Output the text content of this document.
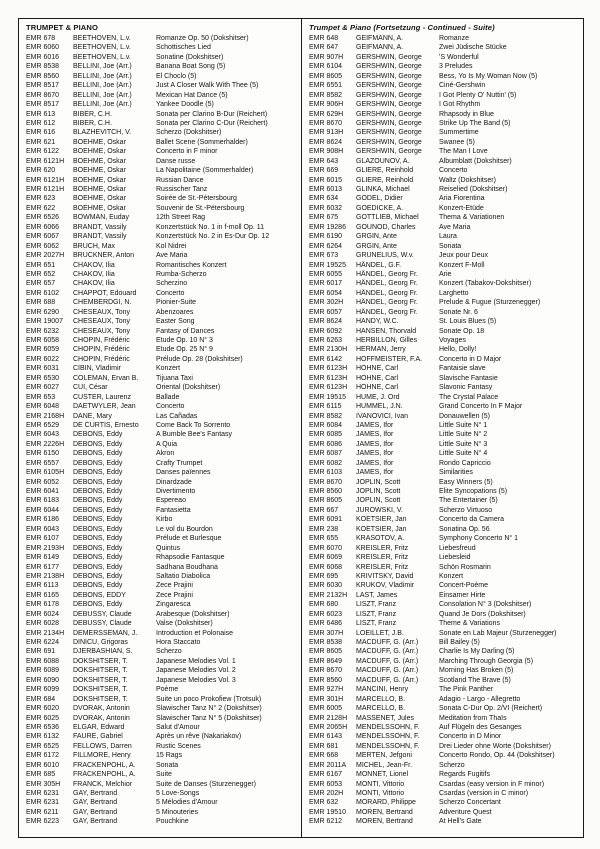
TRUMPET & PIANO
EMR 678	BEETHOVEN, L.v.	Romanze Op. 50 (Dokshitser)
EMR 6060	BEETHOVEN, L.v.	Schottisches Lied
EMR 6016	BEETHOVEN, L.v.	Sonatine (Dokshitser)
EMR 8538	BELLINI, Joe (Arr.)	Banana Boat Song (5)
EMR 8560	BELLINI, Joe (Arr.)	El Choclo (5)
EMR 8517	BELLINI, Joe (Arr.)	Just A Closer Walk With Thee (5)
EMR 8670	BELLINI, Joe (Arr.)	Mexican Hat Dance (5)
EMR 8517	BELLINI, Joe (Arr.)	Yankee Doodle (5)
EMR 613	BIBER, C.H.	Sonata per Clarino B-Dur (Reichert)
EMR 612	BIBER, C.H.	Sonata per Clarino C-Dur (Reichert)
EMR 616	BLAZHEVITCH, V.	Scherzo (Dokshitser)
EMR 621	BOEHME, Oskar	Ballet Scene (Sommerhalder)
EMR 6122	BOEHME, Oskar	Concerto in F minor
EMR 6121H	BOEHME, Oskar	Danse russe
EMR 620	BOEHME, Oskar	La Napolitaine (Sommerhalder)
EMR 6121H	BOEHME, Oskar	Russian Dance
EMR 6121H	BOEHME, Oskar	Russischer Tanz
EMR 623	BOEHME, Oskar	Soirée de St.-Pétersbourg
EMR 622	BOEHME, Oskar	Souvenir de St.-Pétersbourg
EMR 6526	BOWMAN, Euday	12th Street Rag
EMR 6066	BRANDT, Vassily	Konzertstück No. 1 in f-moll Op. 11
EMR 6067	BRANDT, Vassily	Konzertstück No. 2 in Es-Dur Op. 12
EMR 6062	BRUCH, Max	Kol Nidrei
EMR 2027H	BRUCKNER, Anton	Ave Maria
EMR 651	CHAKOV, Ilia	Romantisches Konzert
EMR 652	CHAKOV, Ilia	Rumba-Scherzo
EMR 657	CHAKOV, Ilia	Scherzino
EMR 6102	CHAPPOT, Edouard	Concerto
EMR 688	CHEMBERDGI, N.	Pionier-Suite
EMR 6290	CHESEAUX, Tony	Abenzoares
EMR 19007	CHESEAUX, Tony	Easter Song
EMR 6232	CHESEAUX, Tony	Fantasy of Dances
EMR 6058	CHOPIN, Frédéric	Etude Op. 10 N° 3
EMR 6059	CHOPIN, Frédéric	Etude Op. 25 N° 9
EMR 6022	CHOPIN, Frédéric	Prélude Op. 28 (Dokshitser)
EMR 6031	CIBIN, Vladimir	Konzert
EMR 6530	COLEMAN, Ervan B.	Tijuana Taxi
EMR 6027	CUI, César	Oriental (Dokshitser)
EMR 653	CUSTER, Laurenz	Ballade
EMR 6048	DAETWYLER, Jean	Concerto
EMR 2168H	DANE, Mary	Las Cañadas
EMR 6529	DE CURTIS, Ernesto	Come Back To Sorrento
EMR 6043	DEBONS, Eddy	A Bumble Bee's Fantasy
EMR 2226H	DEBONS, Eddy	A Quia
EMR 6150	DEBONS, Eddy	Akron
EMR 6557	DEBONS, Eddy	Crafty Trumpet
EMR 6105H	DEBONS, Eddy	Danses païennes
EMR 6052	DEBONS, Eddy	Dinardzade
EMR 6041	DEBONS, Eddy	Divertimento
EMR 6183	DEBONS, Eddy	Espereao
EMR 6044	DEBONS, Eddy	Fantasietta
EMR 6186	DEBONS, Eddy	Kirbo
EMR 6043	DEBONS, Eddy	Le vol du Bourdon
EMR 6107	DEBONS, Eddy	Prélude et Burlesque
EMR 2193H	DEBONS, Eddy	Quintus
EMR 6149	DEBONS, Eddy	Rhapsodie Fantasque
EMR 6177	DEBONS, Eddy	Sadhana Boudhana
EMR 2138H	DEBONS, Eddy	Saltatio Diabolica
EMR 6113	DEBONS, Eddy	Zece Prajini
EMR 6165	DEBONS, EDDY	Zece Prajini
EMR 6178	DEBONS, Eddy	Zingaresca
EMR 6024	DEBUSSY, Claude	Arabesque (Dokshitser)
EMR 6028	DEBUSSY, Claude	Valse (Dokshitser)
EMR 2134H	DEMERSSEMAN, J.	Introduction et Polonaise
EMR 6224	DINICU, Grigoras	Hora Staccato
EMR 691	DJERBASHIAN, S.	Scherzo
EMR 6088	DOKSHITSER, T.	Japanese Melodies Vol. 1
EMR 6089	DOKSHITSER, T.	Japanese Melodies Vol. 2
EMR 6090	DOKSHITSER, T.	Japanese Melodies Vol. 3
EMR 6099	DOKSHITSER, T.	Poème
EMR 684	DOKSHITSER, T.	Suite un poco Prokofiew (Trotsuk)
EMR 6020	DVORAK, Antonin	Slawischer Tanz N° 2 (Dokshitser)
EMR 6025	DVORAK, Antonin	Slawischer Tanz N° 5 (Dokshitser)
EMR 6536	ELGAR, Edward	Salut d'Amour
EMR 6132	FAURE, Gabriel	Après un rêve (Nakariakov)
EMR 6525	FELLOWS, Darren	Rustic Scenes
EMR 6172	FILLMORE, Henry	15 Rags
EMR 6010	FRACKENPOHL, A.	Sonata
EMR 685	FRACKENPOHL, A.	Suite
EMR 305H	FRANCK, Melchior	Suite de Danses (Sturzenegger)
EMR 6231	GAY, Bertrand	5 Love-Songs
EMR 6231	GAY, Bertrand	5 Mélodies d'Amour
EMR 6211	GAY, Bertrand	5 Minouteries
EMR 6223	GAY, Bertrand	Pouchkine
Trumpet & Piano (Fortsetzung - Continued - Suite)
EMR 648	GEIFMANN, A.	Romanze
EMR 647	GEIFMANN, A.	Zwei Jüdische Stücke
EMR 907H	GERSHWIN, George	'S Wonderful
EMR 6104	GERSHWIN, George	3 Preludes
EMR 8605	GERSHWIN, George	Bess, Yo Is My Woman Now (5)
EMR 6551	GERSHWIN, George	Ciné-Gershwin
EMR 8582	GERSHWIN, George	I Got Plenty O' Nuttin' (5)
EMR 906H	GERSHWIN, George	I Got Rhythm
EMR 629H	GERSHWIN, George	Rhapsody in Blue
EMR 8670	GERSHWIN, George	Strike Up The Band (5)
EMR 913H	GERSHWIN, George	Summertime
EMR 8624	GERSHWIN, George	Swanee (5)
EMR 908H	GERSHWIN, George	The Man I Love
EMR 643	GLAZOUNOV, A.	Albumblatt (Dokshitser)
EMR 669	GLIERE, Reinhold	Concerto
EMR 6015	GLIERE, Reinhold	Waltz (Dokshitser)
EMR 6013	GLINKA, Michael	Reiselied (Dokshitser)
EMR 634	GODEL, Didier	Aria Fiorentina
EMR 6032	GOEDICKE, A.	Konzert-Etüde
EMR 675	GOTTLIEB, Michael	Thema & Variationen
EMR 19286	GOUNOD, Charles	Ave Maria
EMR 6190	GRGIN, Ante	Laura
EMR 6264	GRGIN, Ante	Sonata
EMR 673	GRUNELIUS, W.v.	Jeux pour Deux
EMR 19525	HÄNDEL, G.F.	Konzert F-Moll
EMR 6055	HÄNDEL, Georg Fr.	Arie
EMR 6017	HÄNDEL, Georg Fr.	Konzert (Tabakov-Dokshitser)
EMR 6054	HÄNDEL, Georg Fr.	Larghetto
EMR 302H	HÄNDEL, Georg Fr.	Prelude & Fugue (Sturzenegger)
EMR 6057	HÄNDEL, Georg Fr.	Sonate Nr. 6
EMR 8624	HANDY, W.C.	St. Louis Blues (5)
EMR 6092	HANSEN, Thorvald	Sonate Op. 18
EMR 6263	HERBILLON, Gilles	Voyages
EMR 2130H	HERMAN, Jerry	Hello, Dolly!
EMR 6142	HOFFMEISTER, F.A.	Concerto in D Major
EMR 6123H	HÖHNE, Carl	Fantaisie slave
EMR 6123H	HÖHNE, Carl	Slavische Fantasie
EMR 6123H	HÖHNE, Carl	Slavonic Fantasy
EMR 19515	HUME, J. Ord	The Crystal Palace
EMR 6115	HUMMEL, J.N.	Grand Concerto In F Major
EMR 8582	IVANOVICI, Ivan	Donauwellen (5)
EMR 6084	JAMES, Ifor	Little Suite N° 1
EMR 6085	JAMES, Ifor	Little Suite N° 2
EMR 6086	JAMES, Ifor	Little Suite N° 3
EMR 6087	JAMES, Ifor	Little Suite N° 4
EMR 6082	JAMES, Ifor	Rondo Capriccio
EMR 6103	JAMES, Ifor	Similarities
EMR 8670	JOPLIN, Scott	Easy Winners (5)
EMR 8560	JOPLIN, Scott	Elite Syncopations (5)
EMR 8605	JOPLIN, Scott	The Entertainer (5)
EMR 667	JUROWSKI, V.	Scherzo Virtuoso
EMR 6091	KOETSIER, Jan	Concerto da Camera
EMR 238	KOETSIER, Jan	Sonatina Op. 56
EMR 655	KRASOTOV, A.	Symphony Concerto N° 1
EMR 6070	KREISLER, Fritz	Liebesfreud
EMR 6069	KREISLER, Fritz	Liebesleid
EMR 6068	KREISLER, Fritz	Schön Rosmarin
EMR 695	KRIVITSKY, David	Konzert
EMR 6030	KRUKOV, Vladimir	Concert-Poème
EMR 2132H	LAST, James	Einsamer Hirte
EMR 680	LISZT, Franz	Consolation N° 3 (Dokshitser)
EMR 6023	LISZT, Franz	Quand Je Dors (Dokshitser)
EMR 6486	LISZT, Franz	Theme & Variations
EMR 307H	LOEILLET, J.B.	Sonate en Lab Majeur (Sturzenegger)
EMR 8538	MACDUFF, G. (Arr.)	Bill Bailey (5)
EMR 8605	MACDUFF, G. (Arr.)	Charlie Is My Darling (5)
EMR 8649	MACDUFF, G. (Arr.)	Marching Through Georgia (5)
EMR 8670	MACDUFF, G. (Arr.)	Morning Has Broken (5)
EMR 8560	MACDUFF, G. (Arr.)	Scotland The Brave (5)
EMR 927H	MANCINI, Henry	The Pink Panther
EMR 301H	MARCELLO, B.	Adagio - Largo - Allegretto
EMR 6005	MARCELLO, B.	Sonata C-Dur Op. 2/VI (Reichert)
EMR 2128H	MASSENET, Jules	Meditation from Thaïs
EMR 2065H	MENDELSSOHN, F.	Auf Flügeln des Gesanges
EMR 6143	MENDELSSOHN, F.	Concerto in D Minor
EMR 681	MENDELSSOHN, F.	Drei Lieder ohne Worte (Dokshitser)
EMR 668	MERTEN, Jefgoni	Concerto Rondo, Op. 44 (Dokshitser)
EMR 2011A	MICHEL, Jean-Fr.	Scherzo
EMR 6167	MONNET, Lionel	Regards Fugitifs
EMR 6053	MONTI, Vittorio	Csardas (easy version in F minor)
EMR 202H	MONTI, Vittorio	Csardas (version in C minor)
EMR 632	MORARD, Philippe	Scherzo Concertant
EMR 19510	MOREN, Bertrand	Adventure Quest
EMR 6212	MOREN, Bertrand	At Hell's Gate
